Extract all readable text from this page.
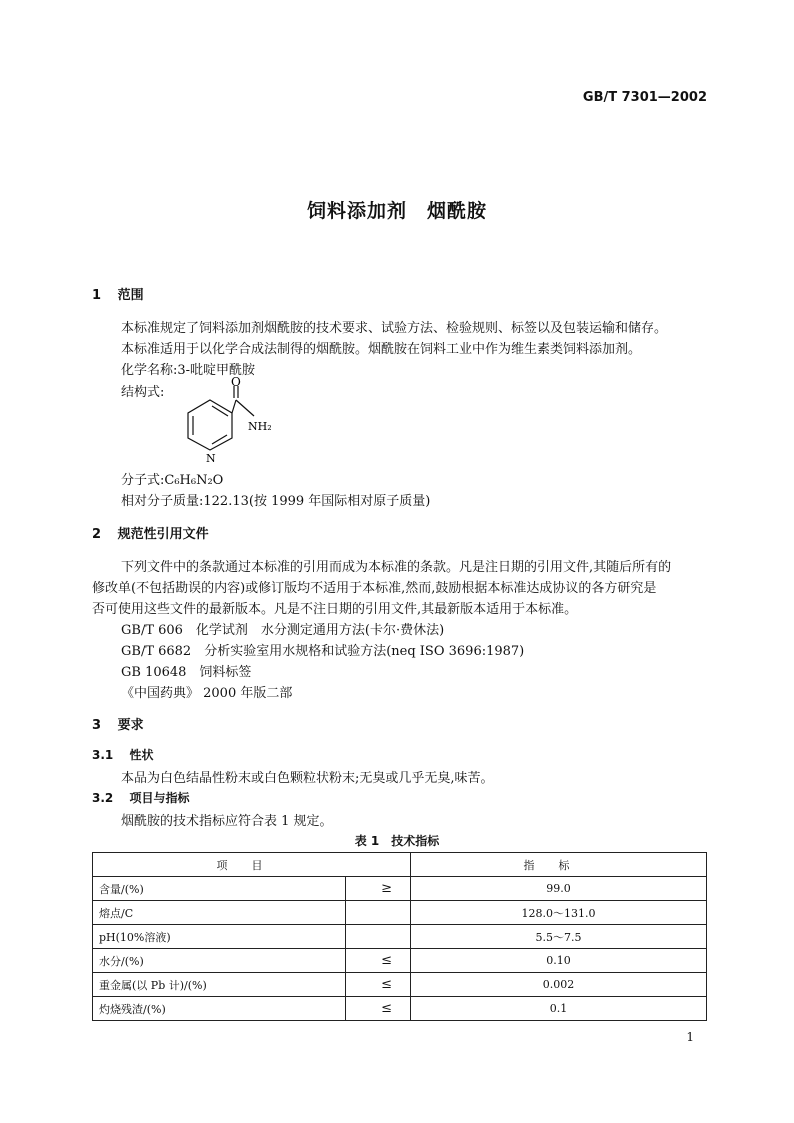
GB/T 7301—2002
饲料添加剂　烟酰胺
1 范围
本标准规定了饲料添加剂烟酰胺的技术要求、试验方法、检验规则、标签以及包装运输和储存。
本标准适用于以化学合成法制得的烟酰胺。烟酰胺在饲料工业中作为维生素类饲料添加剂。
化学名称:3-吡啶甲酰胺
结构式:
O
NH₂
N
分子式:C₆H₆N₂O
相对分子质量:122.13(按 1999 年国际相对原子质量)
2 规范性引用文件
下列文件中的条款通过本标准的引用而成为本标准的条款。凡是注日期的引用文件,其随后所有的
修改单(不包括勘误的内容)或修订版均不适用于本标准,然而,鼓励根据本标准达成协议的各方研究是
否可使用这些文件的最新版本。凡是不注日期的引用文件,其最新版本适用于本标准。
GB/T 606　化学试剂　水分测定通用方法(卡尔·费休法)
GB/T 6682　分析实验室用水规格和试验方法(neq ISO 3696:1987)
GB 10648　饲料标签
《中国药典》 2000 年版二部
3 要求
3.1 性状
本品为白色结晶性粉末或白色颗粒状粉末;无臭或几乎无臭,味苦。
3.2 项目与指标
烟酰胺的技术指标应符合表 1 规定。
表 1　技术指标
项目		指标
含量/(%)	≥	99.0
熔点/C		128.0～131.0
pH(10%溶液)		5.5～7.5
水分/(%)	≤	0.10
重金属(以 Pb 计)/(%)	≤	0.002
灼烧残渣/(%)	≤	0.1
1
